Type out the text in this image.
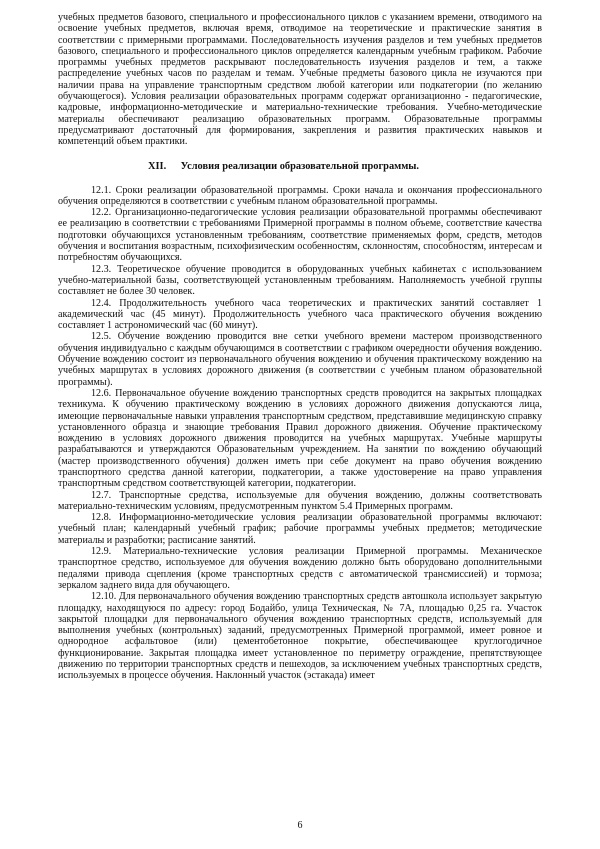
учебных предметов базового, специального и профессионального циклов с указанием времени, отводимого на освоение учебных предметов, включая время, отводимое на теоретические и практические занятия в соответствии с примерными программами. Последовательность изучения разделов и тем учебных предметов базового, специального и профессионального циклов определяется календарным учебным графиком. Рабочие программы учебных предметов раскрывают последовательность изучения разделов и тем, а также распределение учебных часов по разделам и темам. Учебные предметы базового цикла не изучаются при наличии права на управление транспортным средством любой категории или подкатегории (по желанию обучающегося). Условия реализации образовательных программ содержат организационно - педагогические, кадровые, информационно-методические и материально-технические требования. Учебно-методические материалы обеспечивают реализацию образовательных программ. Образовательные программы предусматривают достаточный для формирования, закрепления и развития практических навыков и компетенций объем практики.

XII. Условия реализации образовательной программы.

12.1. Сроки реализации образовательной программы. Сроки начала и окончания профессионального обучения определяются в соответствии с учебным планом образовательной программы.

12.2. Организационно-педагогические условия реализации образовательной программы обеспечивают ее реализацию в соответствии с требованиями Примерной программы в полном объеме, соответствие качества подготовки обучающихся установленным требованиям, соответствие применяемых форм, средств, методов обучения и воспитания возрастным, психофизическим особенностям, склонностям, способностям, интересам и потребностям обучающихся.

12.3. Теоретическое обучение проводится в оборудованных учебных кабинетах с использованием учебно-материальной базы, соответствующей установленным требованиям. Наполняемость учебной группы составляет не более 30 человек.

12.4. Продолжительность учебного часа теоретических и практических занятий составляет 1 академический час (45 минут). Продолжительность учебного часа практического обучения вождению составляет 1 астрономический час (60 минут).

12.5. Обучение вождению проводится вне сетки учебного времени мастером производственного обучения индивидуально с каждым обучающимся в соответствии с графиком очередности обучения вождению. Обучение вождению состоит из первоначального обучения вождению и обучения практическому вождению на учебных маршрутах в условиях дорожного движения (в соответствии с учебным планом образовательной программы).

12.6. Первоначальное обучение вождению транспортных средств проводится на закрытых площадках техникума. К обучению практическому вождению в условиях дорожного движения допускаются лица, имеющие первоначальные навыки управления транспортным средством, представившие медицинскую справку установленного образца и знающие требования Правил дорожного движения. Обучение практическому вождению в условиях дорожного движения проводится на учебных маршрутах. Учебные маршруты разрабатываются и утверждаются Образовательным учреждением. На занятии по вождению обучающий (мастер производственного обучения) должен иметь при себе документ на право обучения вождению транспортного средства данной категории, подкатегории, а также удостоверение на право управления транспортным средством соответствующей категории, подкатегории.

12.7. Транспортные средства, используемые для обучения вождению, должны соответствовать материально-техническим условиям, предусмотренным пунктом 5.4 Примерных программ.

12.8. Информационно-методические условия реализации образовательной программы включают: учебный план; календарный учебный график; рабочие программы учебных предметов; методические материалы и разработки; расписание занятий.

12.9. Материально-технические условия реализации Примерной программы. Механическое транспортное средство, используемое для обучения вождению должно быть оборудовано дополнительными педалями привода сцепления (кроме транспортных средств с автоматической трансмиссией) и тормоза; зеркалом заднего вида для обучающего.

12.10. Для первоначального обучения вождению транспортных средств автошкола использует закрытую площадку, находящуюся по адресу: город Бодайбо, улица Техническая, № 7А, площадью 0,25 га. Участок закрытой площадки для первоначального обучения вождению транспортных средств, используемый для выполнения учебных (контрольных) заданий, предусмотренных Примерной программой, имеет ровное и однородное асфальтовое (или) цементобетонное покрытие, обеспечивающее круглогодичное функционирование. Закрытая площадка имеет установленное по периметру ограждение, препятствующее движению по территории транспортных средств и пешеходов, за исключением учебных транспортных средств, используемых в процессе обучения. Наклонный участок (эстакада) имеет

6
